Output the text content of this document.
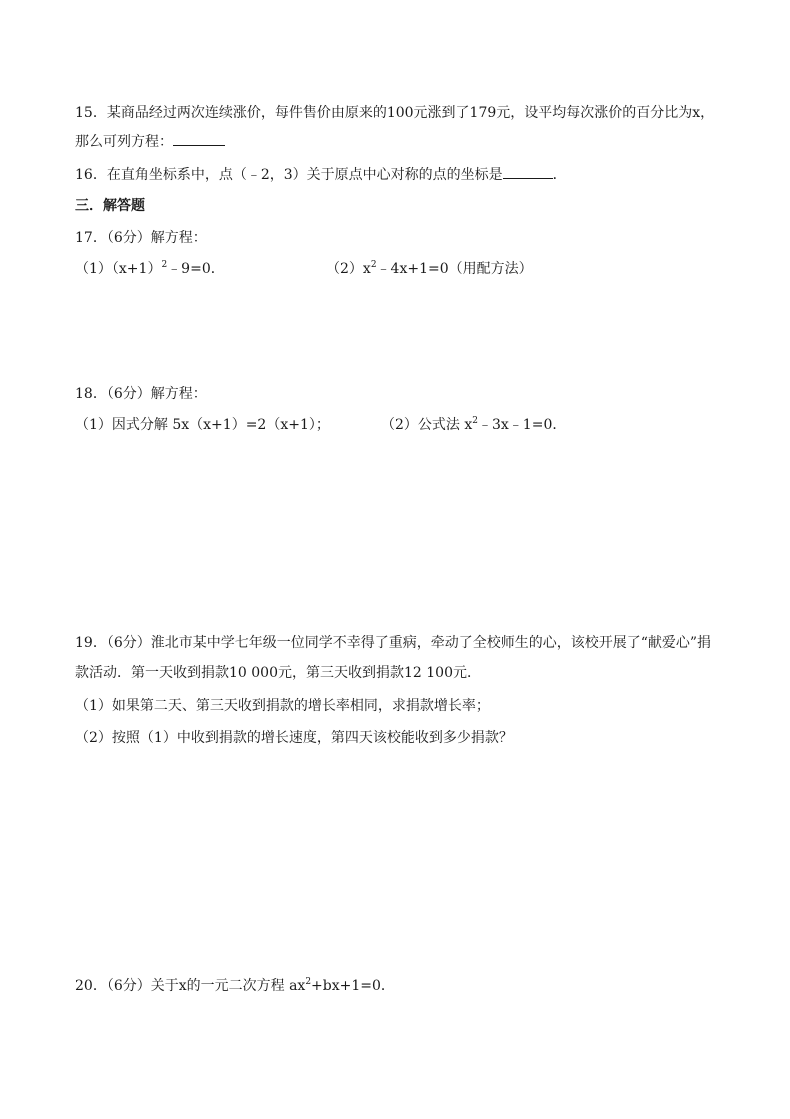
15．某商品经过两次连续涨价，每件售价由原来的100元涨到了179元，设平均每次涨价的百分比为x，
那么可列方程：
16．在直角坐标系中，点（﹣2，3）关于原点中心对称的点的坐标是	．
三．解答题
17．（6分）解方程：
$(1)(x+1)^2﹣9=0$．	$(2)x^2﹣4x+1=0$（用配方法）
18．（6分）解方程：
（1）因式分解 5x（x+1）=2（x+1）；	（2）公式法 $x^2﹣3x﹣1=0$．
19．（6分）淮北市某中学七年级一位同学不幸得了重病，牵动了全校师生的心，该校开展了“献爱心”捐
款活动．第一天收到捐款10 000元，第三天收到捐款12 100元．
（1）如果第二天、第三天收到捐款的增长率相同，求捐款增长率；
（2）按照（1）中收到捐款的增长速度，第四天该校能收到多少捐款？
20．（6分）关于x的一元二次方程 $ax^2+bx+1=0$．
